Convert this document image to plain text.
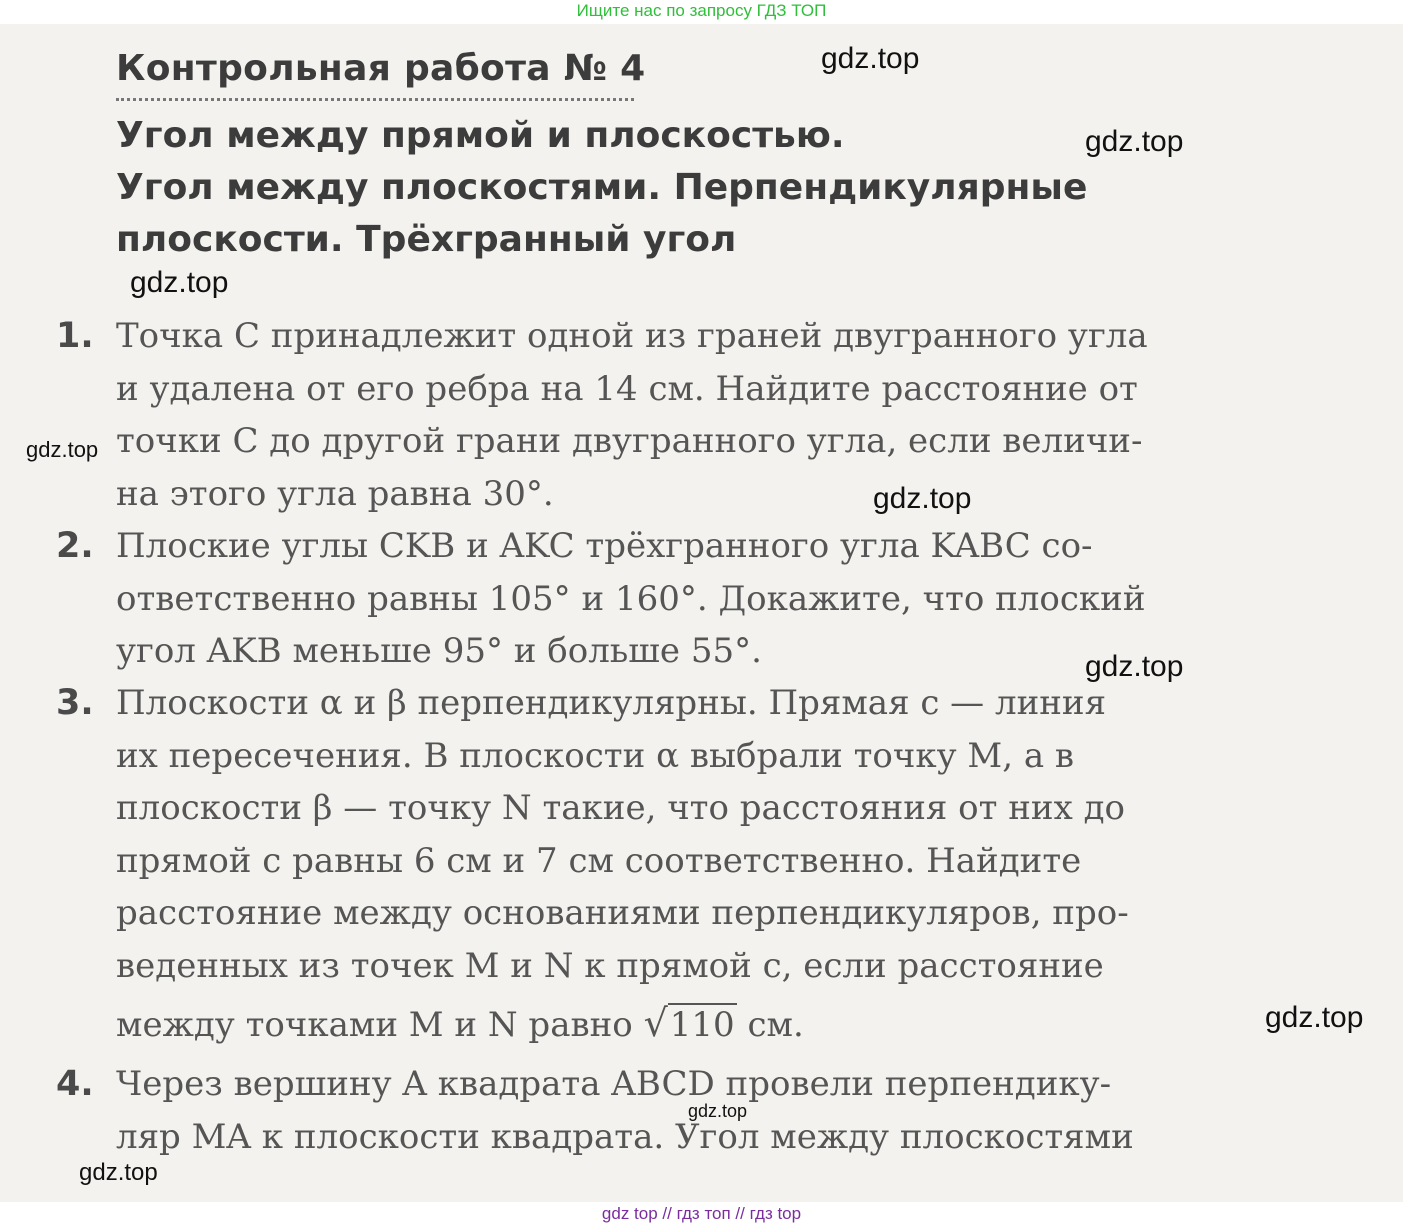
Ищите нас по запросу ГДЗ ТОП
Контрольная работа № 4
Угол между прямой и плоскостью.
Угол между плоскостями. Перпендикулярные
плоскости. Трёхгранный угол
1. Точка C принадлежит одной из граней двугранного угла
и удалена от его ребра на 14 см. Найдите расстояние от
точки C до другой грани двугранного угла, если величи-
на этого угла равна 30°.
2. Плоские углы CKB и AKC трёхгранного угла KABC со-
ответственно равны 105° и 160°. Докажите, что плоский
угол AKB меньше 95° и больше 55°.
3. Плоскости α и β перпендикулярны. Прямая c — линия
их пересечения. В плоскости α выбрали точку M, а в
плоскости β — точку N такие, что расстояния от них до
прямой c равны 6 см и 7 см соответственно. Найдите
расстояние между основаниями перпендикуляров, про-
веденных из точек M и N к прямой c, если расстояние
между точками M и N равно √110 см.
4. Через вершину A квадрата ABCD провели перпендику-
ляр MA к плоскости квадрата. Угол между плоскостями
gdz.top
gdz.top
gdz.top
gdz.top
gdz.top
gdz.top
gdz.top
gdz.top
gdz.top
gdz top // гдз топ // гдз top
